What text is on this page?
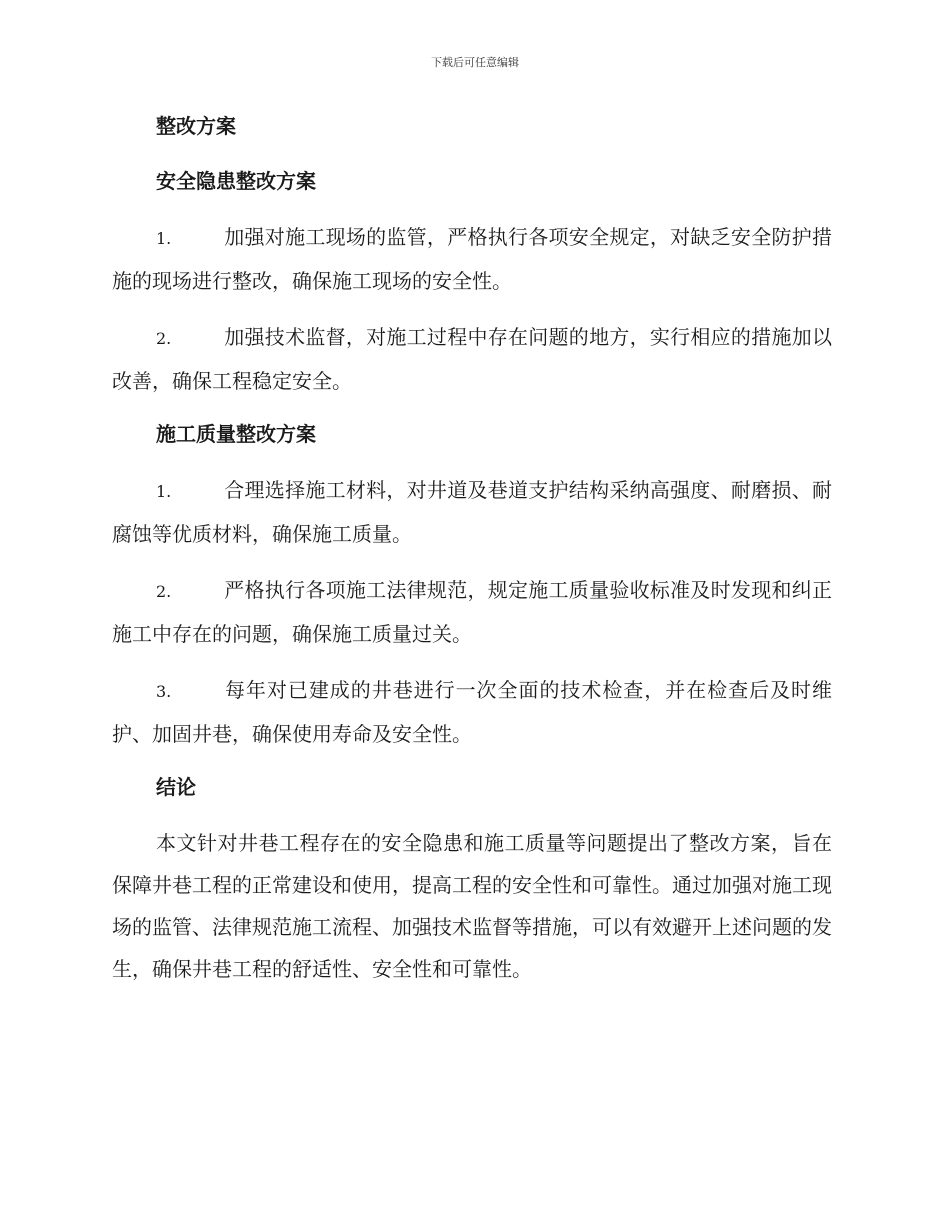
下载后可任意编辑
整改方案
安全隐患整改方案

1.	加强对施工现场的监管，严格执行各项安全规定，对缺乏安全防护措施的现场进行整改，确保施工现场的安全性。

2.	加强技术监督，对施工过程中存在问题的地方，实行相应的措施加以改善，确保工程稳定安全。

施工质量整改方案

1.	合理选择施工材料，对井道及巷道支护结构采纳高强度、耐磨损、耐腐蚀等优质材料，确保施工质量。

2.	严格执行各项施工法律规范，规定施工质量验收标准及时发现和纠正施工中存在的问题，确保施工质量过关。

3.	每年对已建成的井巷进行一次全面的技术检查，并在检查后及时维护、加固井巷，确保使用寿命及安全性。

结论

本文针对井巷工程存在的安全隐患和施工质量等问题提出了整改方案，旨在保障井巷工程的正常建设和使用，提高工程的安全性和可靠性。通过加强对施工现场的监管、法律规范施工流程、加强技术监督等措施，可以有效避开上述问题的发生，确保井巷工程的舒适性、安全性和可靠性。
